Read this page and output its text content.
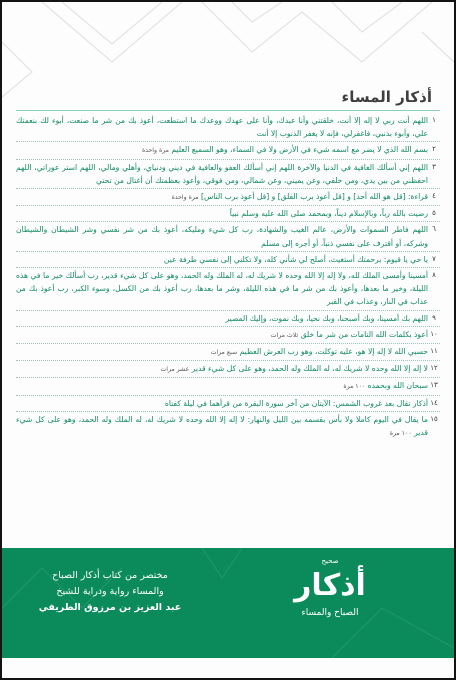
أذكار المساء
١
اللهم أنت ربي لا إله إلا أنت، خلقتني وأنا عبدك، وأنا على عهدك ووعدك ما استطعت، أعوذ بك من شر ما صنعت، أبوء لك بنعمتك علي، وأبوء بذنبي، فاغفرلي، فإنه لا يغفر الذنوب إلا أنت
٢
بسم الله الذي لا يضر مع اسمه شيء في الأرض ولا في السماء، وهو السميع العليم مرة واحدة
٣
اللهم إني أسألك العافية في الدنيا والآخرة اللهم إني أسألك العفو والعافية في ديني ودنياي، وأهلي ومالي، اللهم استر عوراتي، اللهم احفظني من بين يدي، ومن خلفي، وعن يميني، وعن شمالي، ومن فوقي، وأعوذ بعظمتك أن أغتال من تحتي
٤
قراءة: [قل هو الله أحد] و [قل أعوذ برب الفلق] و [قل أعوذ برب الناس] مرة واحدة
٥
رضيت بالله رباً، وبالإسلام ديناً، وبمحمد صلى الله عليه وسلم نبياً
٦
اللهم فاطر السموات والأرض، عالم الغيب والشهادة، رب كل شيء ومليكه، أعوذ بك من شر نفسي وشر الشيطان والشيطان وشركه، أو أقترف على نفسي ذنباً، أو أجره إلى مسلم
٧
يا حي يا قيوم: برحمتك أستغيث، أصلح لي شأني كله، ولا تكلني إلى نفسي طرفة عين
٨
أمسينا وأمسى الملك لله، ولا إله إلا الله وحده لا شريك له، له الملك وله الحمد، وهو على كل شيء قدير، رب أسألك خير ما في هذه الليلة، وخير ما بعدها، وأعوذ بك من شر ما في هذه الليلة، وشر ما بعدها، رب أعوذ بك من الكسل، وسوء الكبر، رب أعوذ بك من عذاب في النار، وعذاب في القبر
٩
اللهم بك أمسينا، وبك أصبحنا، وبك نحيا، وبك نموت، وإليك المصير
١٠
أعوذ بكلمات الله التامات من شر ما خلق ثلاث مرات
١١
حسبي الله لا إله إلا هو، عليه توكلت، وهو رب العرش العظيم سبع مرات
١٢
لا إله إلا الله وحده لا شريك له، له الملك وله الحمد، وهو على كل شيء قدير عشر مرات
١٣
سبحان الله وبحمده ١٠٠ مرة
١٤
أذكار تقال بعد غروب الشمس: الآيتان من آخر سورة البقرة من قرأهما في ليلة كفتاه
١٥
ما يقال في اليوم كاملا ولا بأس بقسمه بين الليل والنهار: لا إله إلا الله وحده لا شريك له، له الملك وله الحمد، وهو على كل شيء قدير ١٠٠ مرة
مختصر من كتاب أذكار الصباح
والمساء رواية ودراية للشيخ
عبد العزيز بن مرزوق الطريفي
صحيح
أذكار
الصباح والمساء
